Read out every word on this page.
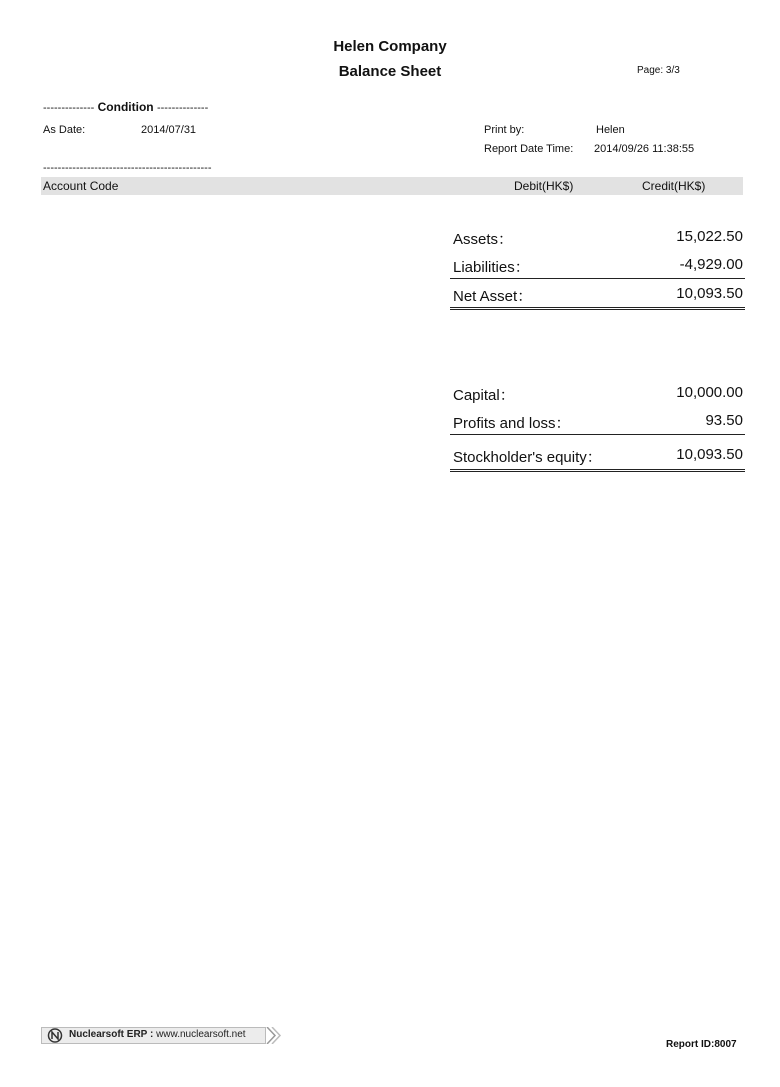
Helen Company
Balance Sheet	Page: 3/3
-------------- Condition --------------
As Date:	2014/07/31	Print by:	Helen
Report Date Time: 2014/09/26 11:38:55
----------------------------------------------
Account Code	Debit(HK$)	Credit(HK$)
Assets：	15,022.50
Liabilities：	-4,929.00
Net Asset：	10,093.50
Capital：	10,000.00
Profits and loss：	93.50
Stockholder's equity：	10,093.50
Nuclearsoft ERP : www.nuclearsoft.net
Report ID:8007
